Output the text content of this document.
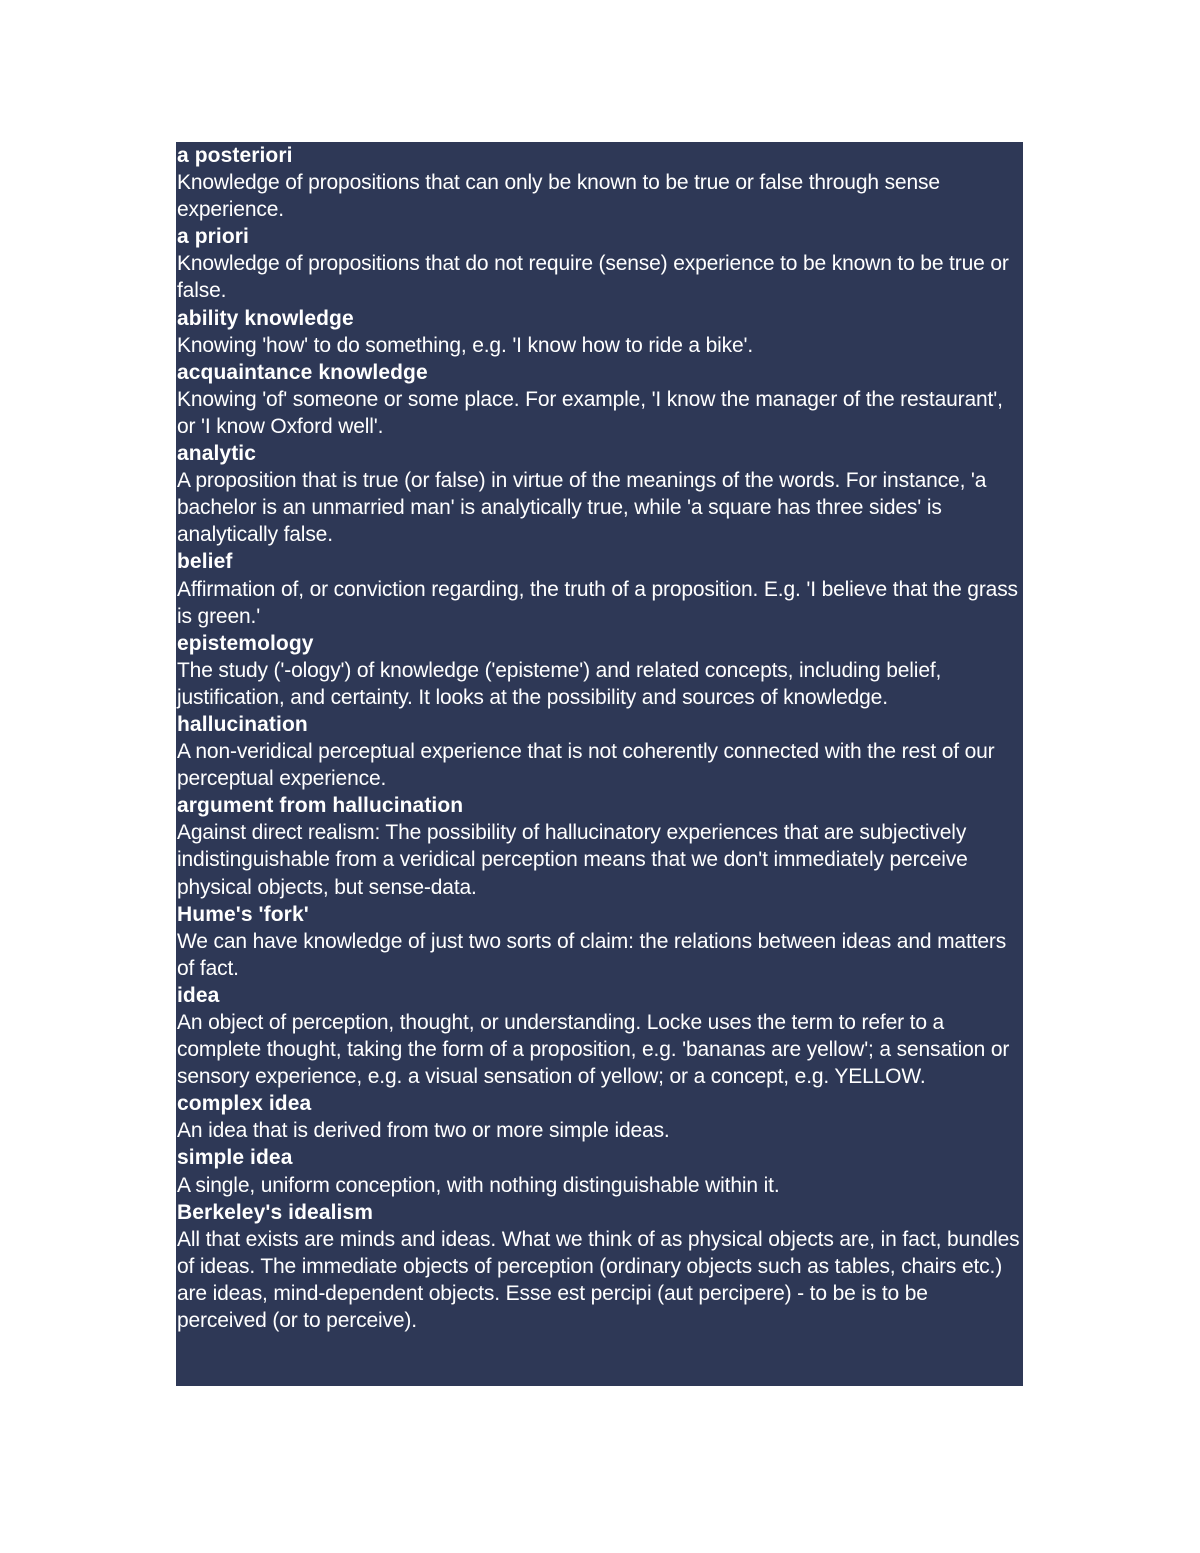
a posteriori
Knowledge of propositions that can only be known to be true or false through sense experience.
a priori
Knowledge of propositions that do not require (sense) experience to be known to be true or false.
ability knowledge
Knowing 'how' to do something, e.g. 'I know how to ride a bike'.
acquaintance knowledge
Knowing 'of' someone or some place. For example, 'I know the manager of the restaurant', or 'I know Oxford well'.
analytic
A proposition that is true (or false) in virtue of the meanings of the words. For instance, 'a bachelor is an unmarried man' is analytically true, while 'a square has three sides' is analytically false.
belief
Affirmation of, or conviction regarding, the truth of a proposition. E.g. 'I believe that the grass is green.'
epistemology
The study ('-ology') of knowledge ('episteme') and related concepts, including belief, justification, and certainty. It looks at the possibility and sources of knowledge.
hallucination
A non-veridical perceptual experience that is not coherently connected with the rest of our perceptual experience.
argument from hallucination
Against direct realism: The possibility of hallucinatory experiences that are subjectively indistinguishable from a veridical perception means that we don't immediately perceive physical objects, but sense-data.
Hume's 'fork'
We can have knowledge of just two sorts of claim: the relations between ideas and matters of fact.
idea
An object of perception, thought, or understanding. Locke uses the term to refer to a complete thought, taking the form of a proposition, e.g. 'bananas are yellow'; a sensation or sensory experience, e.g. a visual sensation of yellow; or a concept, e.g. YELLOW.
complex idea
An idea that is derived from two or more simple ideas.
simple idea
A single, uniform conception, with nothing distinguishable within it.
Berkeley's idealism
All that exists are minds and ideas. What we think of as physical objects are, in fact, bundles of ideas. The immediate objects of perception (ordinary objects such as tables, chairs etc.) are ideas, mind-dependent objects. Esse est percipi (aut percipere) - to be is to be perceived (or to perceive).
